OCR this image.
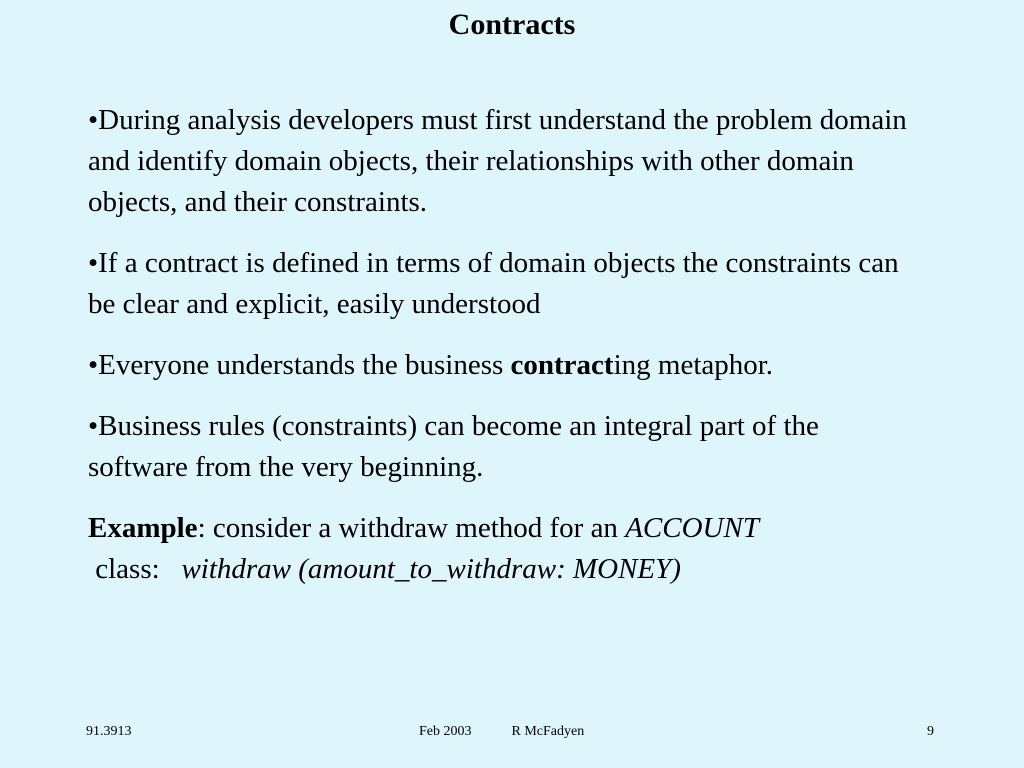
Contracts

•During analysis developers must first understand the problem domain and identify domain objects, their relationships with other domain objects, and their constraints.

•If a contract is defined in terms of domain objects the constraints can be clear and explicit, easily understood

•Everyone understands the business contracting metaphor.

•Business rules (constraints) can become an integral part of the software from the very beginning.

Example: consider a withdraw method for an ACCOUNT class:   withdraw (amount_to_withdraw: MONEY)

91.3913	Feb 2003	R McFadyen	9
